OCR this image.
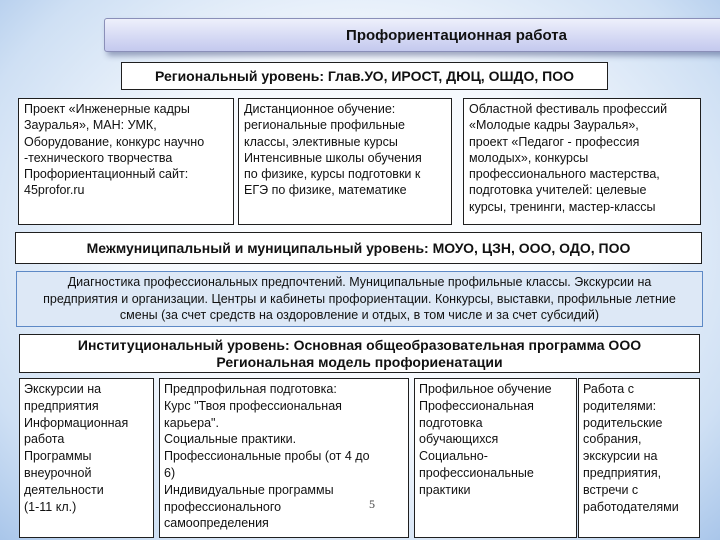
Профориентационная работа
Региональный уровень: Глав.УО, ИРОСТ, ДЮЦ, ОШДО, ПОО
Проект «Инженерные кадры
Зауралья», МАН: УМК,
Оборудование, конкурс научно
-технического творчества
Профориентационный сайт:
45profor.ru
Дистанционное обучение:
региональные профильные
классы, элективные курсы
Интенсивные школы обучения
по физике, курсы подготовки к
ЕГЭ по физике, математике
Областной фестиваль профессий
«Молодые кадры Зауралья»,
проект «Педагог - профессия
молодых», конкурсы
профессионального мастерства,
подготовка учителей: целевые
курсы, тренинги, мастер-классы
Межмуниципальный и муниципальный уровень: МОУО, ЦЗН, ООО, ОДО, ПОО
Диагностика профессиональных предпочтений. Муниципальные профильные классы. Экскурсии на предприятия и организации. Центры и кабинеты профориентации. Конкурсы, выставки, профильные летние смены (за счет средств на оздоровление и отдых, в том числе и за счет субсидий)
Институциональный уровень: Основная общеобразовательная программа ООО
Региональная модель профориенатации
Экскурсии на
предприятия
Информационная
работа
Программы
внеурочной
деятельности
(1-11 кл.)
Предпрофильная подготовка:
Курс "Твоя профессиональная
карьера".
Социальные практики.
Профессиональные пробы (от 4 до
6)
Индивидуальные программы
профессионального
самоопределения
Профильное обучение
Профессиональная
подготовка
обучающихся
Социально-
профессиональные
практики
Работа с
родителями:
родительские
собрания,
экскурсии на
предприятия,
встречи с
работодателями
5
